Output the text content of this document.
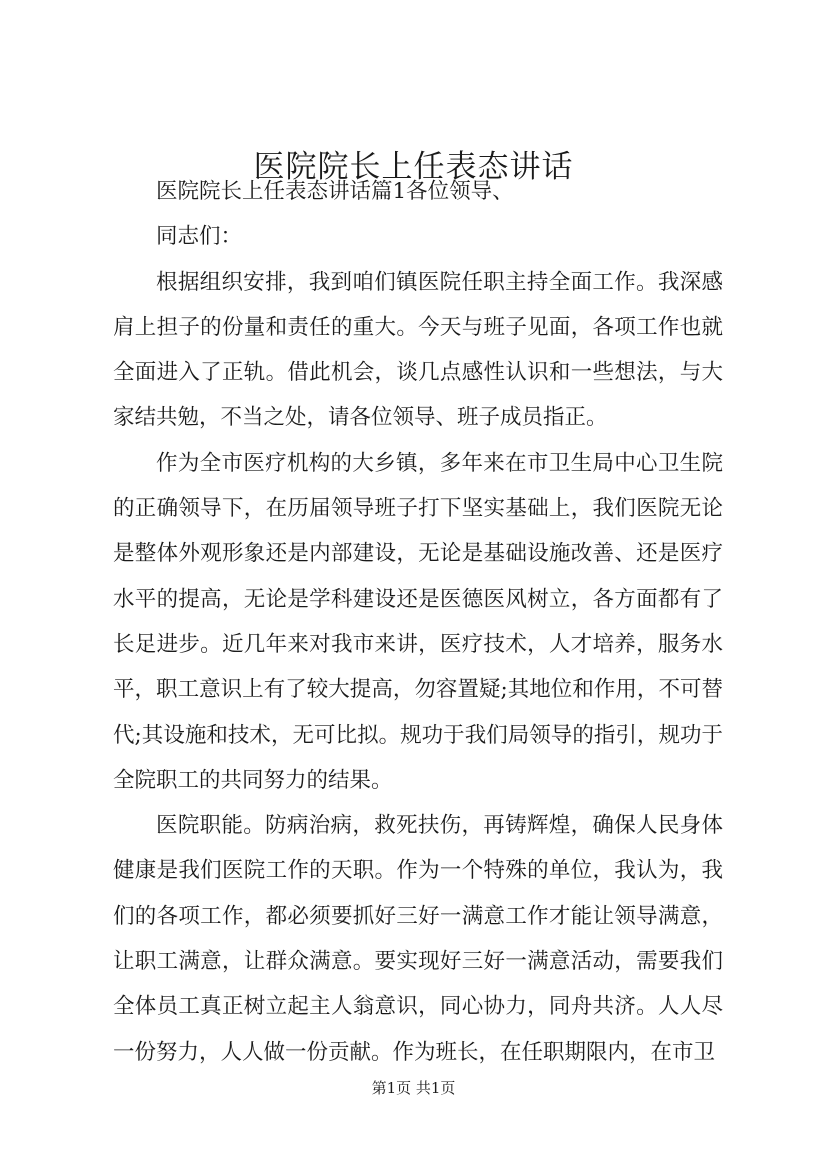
医院院长上任表态讲话

医院院长上任表态讲话篇1各位领导、

同志们：

根据组织安排，我到咱们镇医院任职主持全面工作。我深感肩上担子的份量和责任的重大。今天与班子见面，各项工作也就全面进入了正轨。借此机会，谈几点感性认识和一些想法，与大家结共勉，不当之处，请各位领导、班子成员指正。

作为全市医疗机构的大乡镇，多年来在市卫生局中心卫生院的正确领导下，在历届领导班子打下坚实基础上，我们医院无论是整体外观形象还是内部建设，无论是基础设施改善、还是医疗水平的提高，无论是学科建设还是医德医风树立，各方面都有了长足进步。近几年来对我市来讲，医疗技术，人才培养，服务水平，职工意识上有了较大提高，勿容置疑;其地位和作用，不可替代;其设施和技术，无可比拟。规功于我们局领导的指引，规功于全院职工的共同努力的结果。

医院职能。防病治病，救死扶伤，再铸辉煌，确保人民身体健康是我们医院工作的天职。作为一个特殊的单位，我认为，我们的各项工作，都必须要抓好三好一满意工作才能让领导满意，让职工满意，让群众满意。要实现好三好一满意活动，需要我们全体员工真正树立起主人翁意识，同心协力，同舟共济。人人尽一份努力，人人做一份贡献。作为班长，在任职期限内，在市卫

第1页 共1页
